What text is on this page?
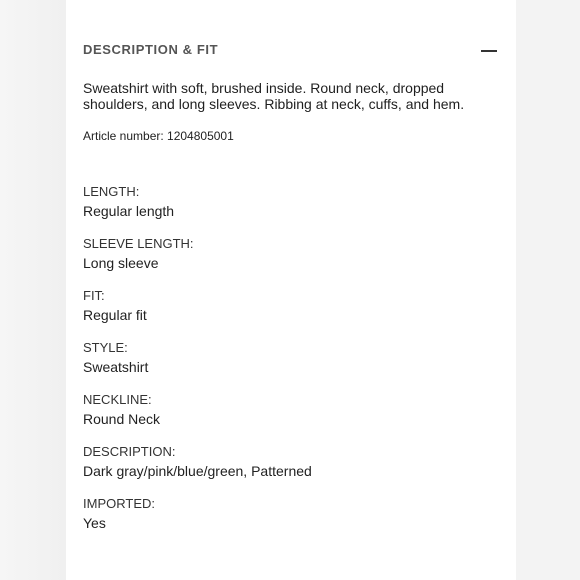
DESCRIPTION & FIT
Sweatshirt with soft, brushed inside. Round neck, dropped shoulders, and long sleeves. Ribbing at neck, cuffs, and hem.
Article number: 1204805001
LENGTH:
Regular length
SLEEVE LENGTH:
Long sleeve
FIT:
Regular fit
STYLE:
Sweatshirt
NECKLINE:
Round Neck
DESCRIPTION:
Dark gray/pink/blue/green, Patterned
IMPORTED:
Yes
